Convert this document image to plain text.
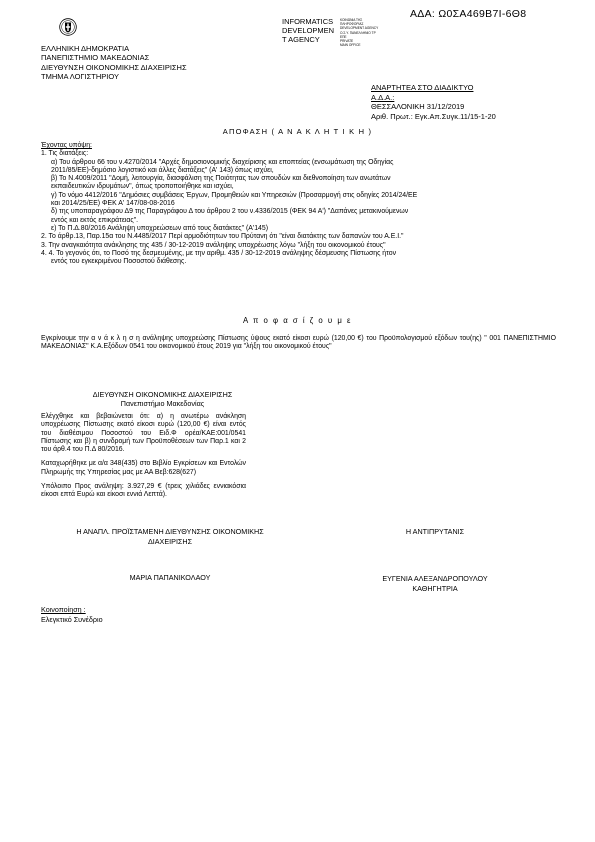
ΑΔΑ: Ω0ΣΑ469Β7Ι-6Θ8
ΕΛΛΗΝΙΚΗ ΔΗΜΟΚΡΑΤΙΑ
ΠΑΝΕΠΙΣΤΗΜΙΟ ΜΑΚΕΔΟΝΙΑΣ
ΔΙΕΥΘΥΝΣΗ ΟΙΚΟΝΟΜΙΚΗΣ ΔΙΑΧΕΙΡΙΣΗΣ
ΤΜΗΜΑ ΛΟΓΙΣΤΗΡΙΟΥ
INFORMATICS
DEVELOPMEN
T AGENCY
ΚΟΙΝΩΝΙΑ ΤΗΣ
ΠΛΗΡΟΦΟΡΙΑΣ
DEVELOPMENT AGENCY
Ο.Σ.Υ. ΠΑΝΕΛΛΗΝΙΟ ΤΡ
ΕΠΕ
PRIVATE
MAIN OFFICE
ΑΝΑΡΤΗΤΕΑ ΣΤΟ ΔΙΑΔΙΚΤΥΟ
Α.Δ.Α.:
ΘΕΣΣΑΛΟΝΙΚΗ 31/12/2019
Αριθ. Πρωτ.: Εγκ.Απ.Συγκ.11/15-1-20
ΑΠΟΦΑΣΗ ( Α Ν Α Κ Λ Η Τ Ι Κ Η )
Έχοντας υπόψη:
1. Τις διατάξεις:
α) Του άρθρου 66 του ν.4270/2014 "Αρχές δημοσιονομικής διαχείρισης και εποπτείας (ενσωμάτωση της Οδηγίας
2011/85/ΕΕ)-δημόσιο λογιστικό και άλλες διατάξεις" (Α' 143) όπως ισχύει,
β) Το Ν.4009/2011 "Δομή, λειτουργία, διασφάλιση της Ποιότητας των σπουδών και διεθνοποίηση των ανωτάτων
εκπαιδευτικών ιδρυμάτων", όπως τροποποιήθηκε και ισχύει,
γ) Το νόμο 4412/2016 "Δημόσιες συμβάσεις Έργων, Προμηθειών και Υπηρεσιών (Προσαρμογή στις οδηγίες 2014/24/ΕΕ
και 2014/25/ΕΕ) ΦΕΚ Α' 147/08-08-2016
δ) της υποπαραγράφου Δ9 της Παραγράφου Δ του άρθρου 2 του ν.4336/2015 (ΦΕΚ 94 Α') "Δαπάνες μετακινούμενων
εντός και εκτός επικράτειας".
ε) Το Π.Δ.80/2016 Ανάληψη υποχρεώσεων από τους διατάκτες" (Α'145)
2. Το άρθρ.13, Παρ.15α του Ν.4485/2017 Περί αρμοδιότητων του Πρύτανη ότι "είναι διατάκτης των δαπανών του Α.Ε.Ι."
3. Την αναγκαιότητα ανάκλησης της 435 / 30-12-2019 ανάληψης υποχρέωσης λόγω "λήξη του οικονομικού έτους"
4. 4. Το γεγονός ότι, το Ποσό της δεσμευμένης, με την αριθμ. 435 / 30-12-2019 ανάληψης δέσμευσης Πίστωσης ήτον
εντός του εγκεκριμένου Ποσοστού διάθεσης.
Α π ο φ α σ ί ζ ο υ μ ε
Εγκρίνουμε την α ν ά κ λ η σ η ανάληψης υποχρεώσης Πίστωσης ύψους εκατό είκοσι ευρώ (120,00 €) του Προϋπολογισμού εξόδων του(ης) " 001 ΠΑΝΕΠΙΣΤΗΜΙΟ ΜΑΚΕΔΟΝΙΑΣ" Κ.Α.Εξόδων 0541 του οικονομικού έτους 2019 για "λήξη του οικονομικού έτους"
ΔΙΕΥΘΥΝΣΗ ΟΙΚΟΝΟΜΙΚΗΣ ΔΙΑΧΕΙΡΙΣΗΣ
Πανεπιστήμιο Μακεδονίας

Ελέγχθηκε και βεβαιώνεται ότι: α) η ανωτέρω ανάκληση υποχρέωσης Πίστωσης εκατό είκοσι ευρώ (120,00 €) είναι εντός του διαθέσιμου Ποσοστού του Ειδ.Φ ορέα/ΚΑΕ:001/0541 Πίστωσης και β) η συνδρομή των Προϋποθέσεων των Παρ.1 και 2 του άρθ.4 του Π.Δ 80/2016.

Καταχωρήθηκε με α/α 348(435) στο Βιβλίο Εγκρίσεων και Εντολών Πληρωμής της Υπηρεσίας μας με ΑΑ Βεβ:628(627)

Υπόλοιπο Προς ανάληψη: 3.927,29 € (τρεις χιλιάδες εννιακόσια είκοσι επτά Ευρώ και είκοσι εννιά Λεπτά).

Η ΑΝΑΠΛ. ΠΡΟΪΣΤΑΜΕΝΗ ΔΙΕΥΘΥΝΣΗΣ ΟΙΚΟΝΟΜΙΚΗΣ
ΔΙΑΧΕΙΡΙΣΗΣ
Η ΑΝΤΙΠΡΥΤΑΝΙΣ
ΜΑΡΙΑ ΠΑΠΑΝΙΚΟΛΑΟΥ	ΕΥΓΕΝΙΑ ΑΛΕΞΑΝΔΡΟΠΟΥΛΟΥ
ΚΑΘΗΓΗΤΡΙΑ
Κοινοποίηση :
Ελεγκτικό Συνέδριο
